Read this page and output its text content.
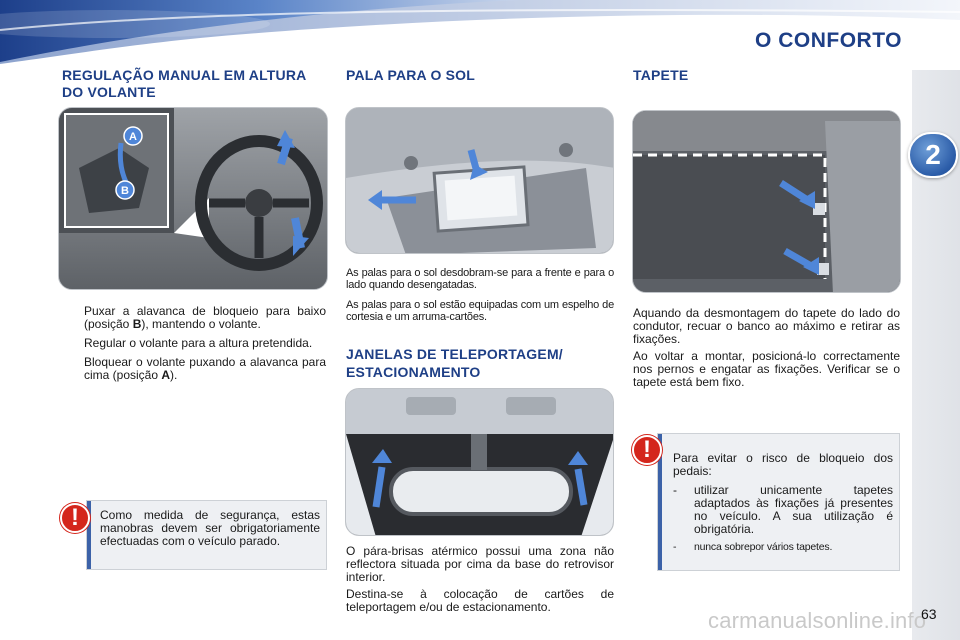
O CONFORTO
2
REGULAÇÃO MANUAL EM ALTURA DO VOLANTE
A
B
Puxar a alavanca de bloqueio para baixo (posição B), mantendo o volante.
Regular o volante para a altura pretendida.
Bloquear o volante puxando a alavanca para cima (posição A).
Como medida de segurança, estas manobras devem ser obrigatoriamente efectuadas com o veículo parado.
!
PALA PARA O SOL
As palas para o sol desdobram-se para a frente e para o lado quando desengatadas.
As palas para o sol estão equipadas com um espelho de cortesia e um arruma-cartões.
JANELAS DE TELEPORTAGEM/ ESTACIONAMENTO
O pára-brisas atérmico possui uma zona não reflectora situada por cima da base do retrovisor interior.
Destina-se à colocação de cartões de teleportagem e/ou de estacionamento.
TAPETE
Aquando da desmontagem do tapete do lado do condutor, recuar o banco ao máximo e retirar as fixações.
Ao voltar a montar, posicioná-lo correctamente nos pernos e engatar as fixações. Verificar se o tapete está bem fixo.
Para evitar o risco de bloqueio dos pedais:
- utilizar unicamente tapetes adaptados às fixações já presentes no veículo. A sua utilização é obrigatória.
- nunca sobrepor vários tapetes.
!
carmanualsonline.info
63
